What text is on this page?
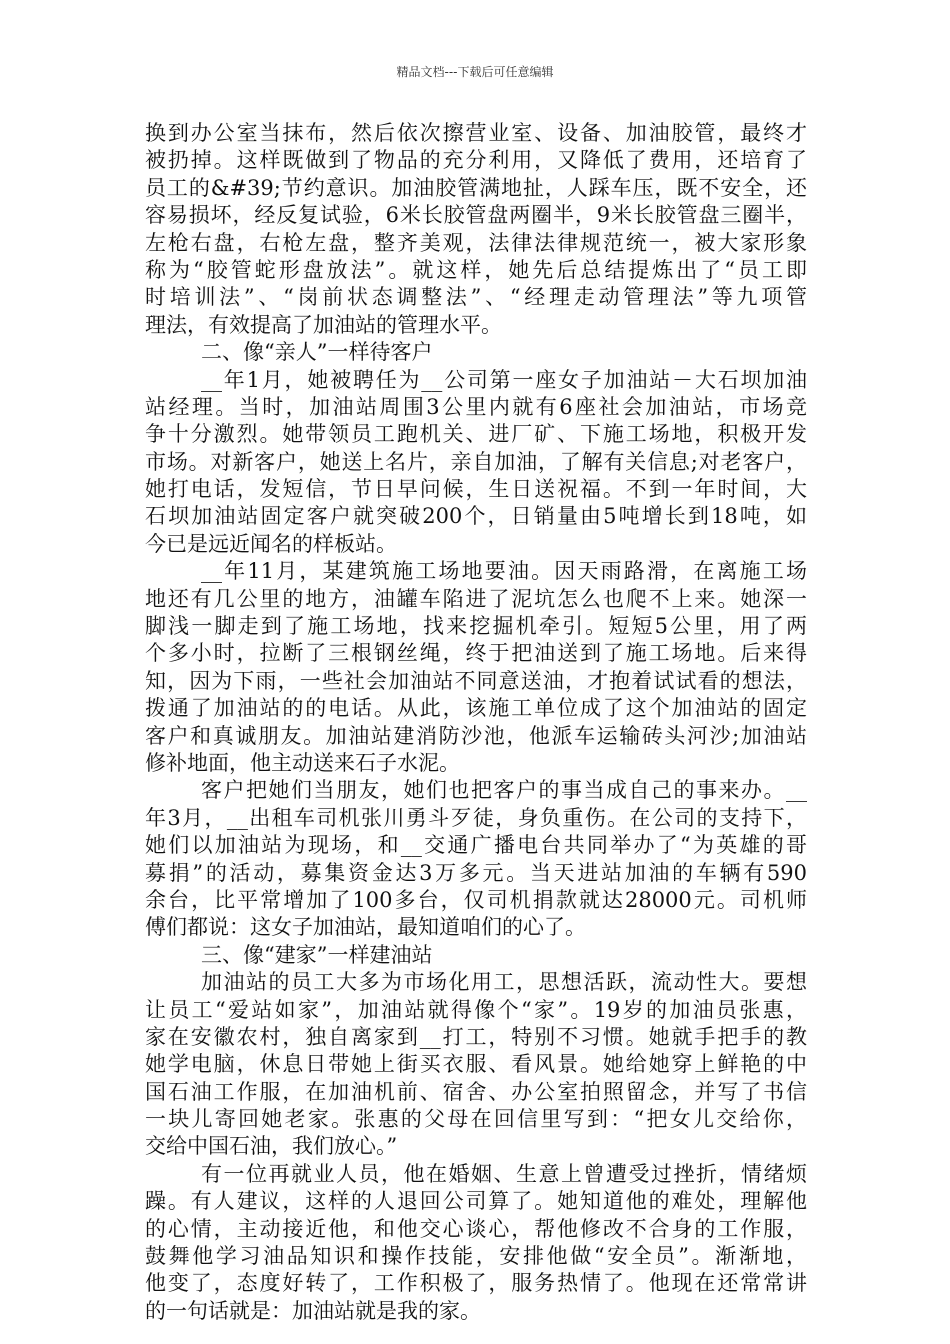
精品文档---下载后可任意编辑
换到办公室当抹布，然后依次擦营业室、设备、加油胶管，最终才
被扔掉。这样既做到了物品的充分利用，又降低了费用，还培育了
员工的&#39;节约意识。加油胶管满地扯，人踩车压，既不安全，还
容易损坏，经反复试验，6米长胶管盘两圈半，9米长胶管盘三圈半，
左枪右盘，右枪左盘，整齐美观，法律法律规范统一，被大家形象
称为“胶管蛇形盘放法”。就这样，她先后总结提炼出了“员工即
时培训法”、“岗前状态调整法”、“经理走动管理法”等九项管
理法，有效提高了加油站的管理水平。
二、像“亲人”一样待客户
__年1月，她被聘任为__公司第一座女子加油站－大石坝加油
站经理。当时，加油站周围3公里内就有6座社会加油站，市场竞
争十分激烈。她带领员工跑机关、进厂矿、下施工场地，积极开发
市场。对新客户，她送上名片，亲自加油，了解有关信息;对老客户，
她打电话，发短信，节日早问候，生日送祝福。不到一年时间，大
石坝加油站固定客户就突破200个，日销量由5吨增长到18吨，如
今已是远近闻名的样板站。
__年11月，某建筑施工场地要油。因天雨路滑，在离施工场
地还有几公里的地方，油罐车陷进了泥坑怎么也爬不上来。她深一
脚浅一脚走到了施工场地，找来挖掘机牵引。短短5公里，用了两
个多小时，拉断了三根钢丝绳，终于把油送到了施工场地。后来得
知，因为下雨，一些社会加油站不同意送油，才抱着试试看的想法，
拨通了加油站的的电话。从此，该施工单位成了这个加油站的固定
客户和真诚朋友。加油站建消防沙池，他派车运输砖头河沙;加油站
修补地面，他主动送来石子水泥。
客户把她们当朋友，她们也把客户的事当成自己的事来办。__
年3月，__出租车司机张川勇斗歹徒，身负重伤。在公司的支持下，
她们以加油站为现场，和__交通广播电台共同举办了“为英雄的哥
募捐”的活动，募集资金达3万多元。当天进站加油的车辆有590
余台，比平常增加了100多台，仅司机捐款就达28000元。司机师
傅们都说：这女子加油站，最知道咱们的心了。
三、像“建家”一样建油站
加油站的员工大多为市场化用工，思想活跃，流动性大。要想
让员工“爱站如家”，加油站就得像个“家”。19岁的加油员张惠，
家在安徽农村，独自离家到__打工，特别不习惯。她就手把手的教
她学电脑，休息日带她上街买衣服、看风景。她给她穿上鲜艳的中
国石油工作服，在加油机前、宿舍、办公室拍照留念，并写了书信
一块儿寄回她老家。张惠的父母在回信里写到：“把女儿交给你，
交给中国石油，我们放心。”
有一位再就业人员，他在婚姻、生意上曾遭受过挫折，情绪烦
躁。有人建议，这样的人退回公司算了。她知道他的难处，理解他
的心情，主动接近他，和他交心谈心，帮他修改不合身的工作服，
鼓舞他学习油品知识和操作技能，安排他做“安全员”。渐渐地，
他变了，态度好转了，工作积极了，服务热情了。他现在还常常讲
的一句话就是：加油站就是我的家。
